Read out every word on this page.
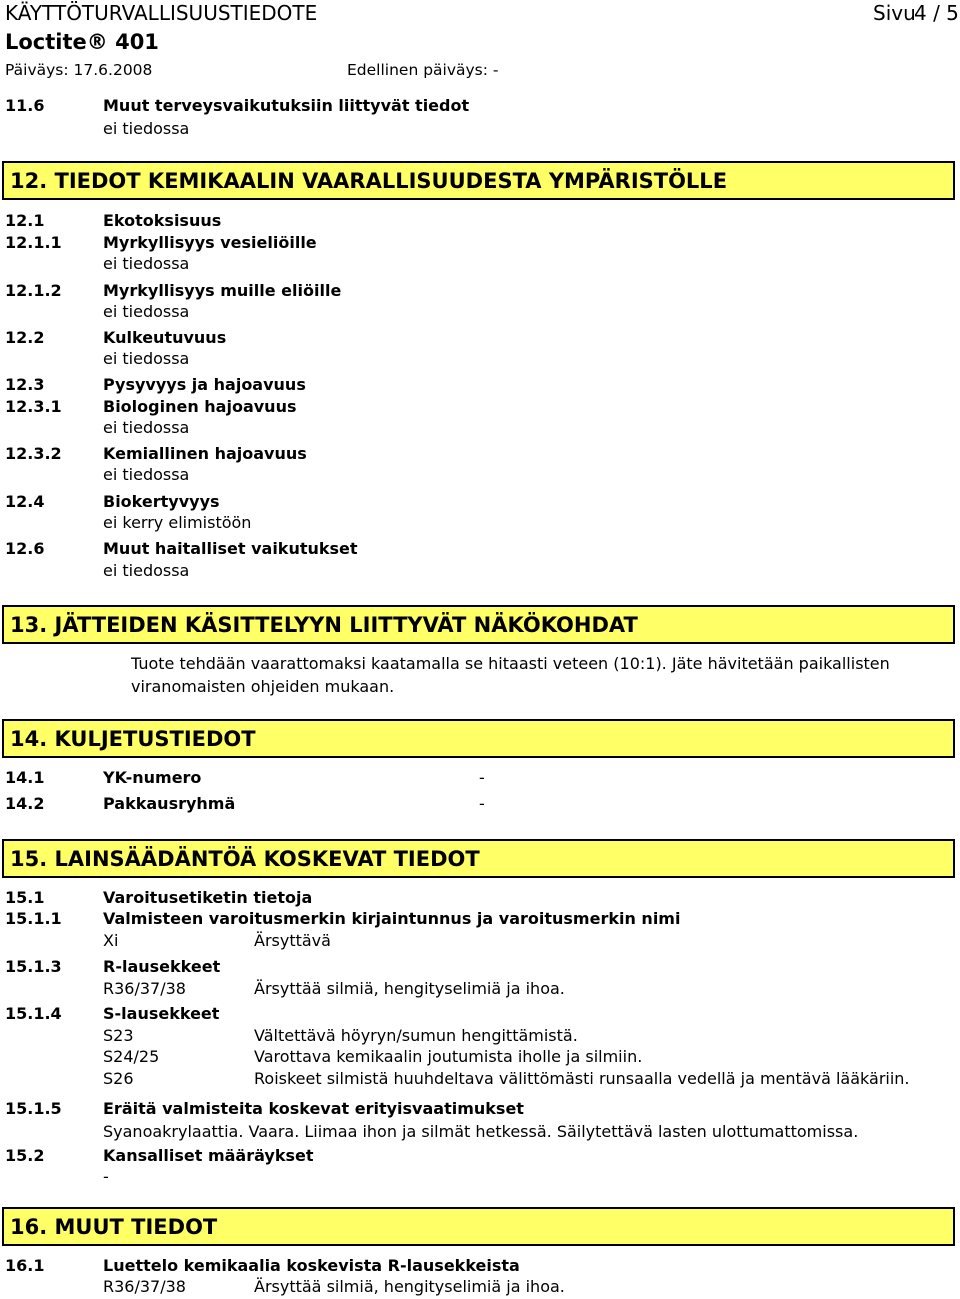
KÄYTTÖTURVALLISUUSTIEDOTE	Sivu
4 / 5
Loctite® 401
Päiväys: 17.6.2008	Edellinen päiväys: -
11.6	Muut terveysvaikutuksiin liittyvät tiedot
ei tiedossa
12. TIEDOT KEMIKAALIN VAARALLISUUDESTA YMPÄRISTÖLLE
12.1	Ekotoksisuus
12.1.1	Myrkyllisyys vesieliöille
ei tiedossa
12.1.2	Myrkyllisyys muille eliöille
ei tiedossa
12.2	Kulkeutuvuus
ei tiedossa
12.3	Pysyvyys ja hajoavuus
12.3.1	Biologinen hajoavuus
ei tiedossa
12.3.2	Kemiallinen hajoavuus
ei tiedossa
12.4	Biokertyvyys
ei kerry elimistöön
12.6	Muut haitalliset vaikutukset
ei tiedossa
13. JÄTTEIDEN KÄSITTELYYN LIITTYVÄT NÄKÖKOHDAT
Tuote tehdään vaarattomaksi kaatamalla se hitaasti veteen (10:1). Jäte hävitetään paikallisten viranomaisten ohjeiden mukaan.
14. KULJETUSTIEDOT
14.1	YK-numero	-
14.2	Pakkausryhmä	-
15. LAINSÄÄDÄNTÖÄ KOSKEVAT TIEDOT
15.1	Varoitusetiketin tietoja
15.1.1	Valmisteen varoitusmerkin kirjaintunnus ja varoitusmerkin nimi
Xi	Ärsyttävä
15.1.3	R-lausekkeet
R36/37/38	Ärsyttää silmiä, hengityselimiä ja ihoa.
15.1.4	S-lausekkeet
S23	Vältettävä höyryn/sumun hengittämistä.
S24/25	Varottava kemikaalin joutumista iholle ja silmiin.
S26	Roiskeet silmistä huuhdeltava välittömästi runsaalla vedellä ja mentävä lääkäriin.
15.1.5	Eräitä valmisteita koskevat erityisvaatimukset
Syanoakrylaattia. Vaara. Liimaa ihon ja silmät hetkessä. Säilytettävä lasten ulottumattomissa.
15.2	Kansalliset määräykset
-
16. MUUT TIEDOT
16.1	Luettelo kemikaalia koskevista R-lausekkeista
R36/37/38	Ärsyttää silmiä, hengityselimiä ja ihoa.
